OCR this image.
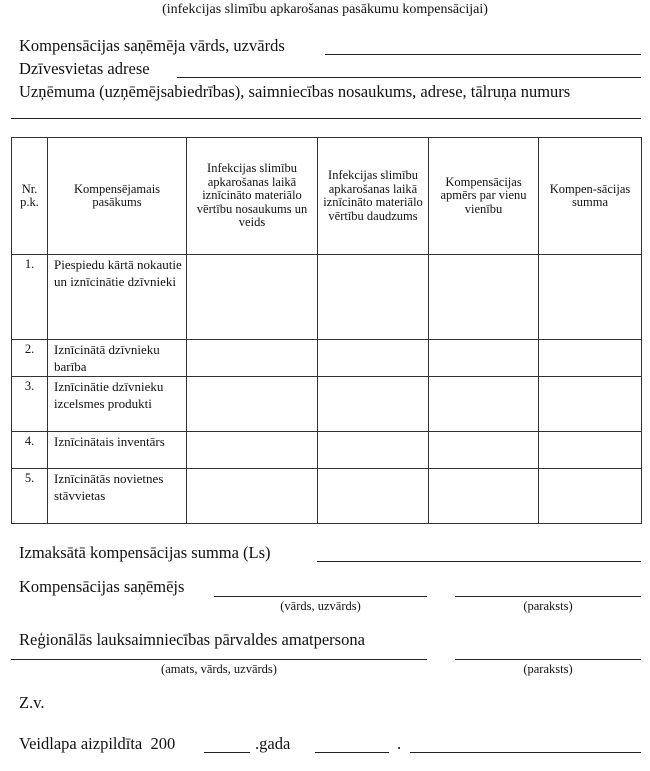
(infekcijas slimību apkarošanas pasākumu kompensācijai)
Kompensācijas saņēmēja vārds, uzvārds
Dzīvesvietas adrese
Uzņēmuma (uzņēmējsabiedrības), saimniecības nosaukums, adrese, tālruņa numurs
Nr. p.k.	Kompensējamais pasākums	Infekcijas slimību apkarošanas laikā iznīcināto materiālo vērtību nosaukums un veids	Infekcijas slimību apkarošanas laikā iznīcināto materiālo vērtību daudzums	Kompensācijas apmērs par vienu vienību	Kompen-sācijas summa
1.	Piespiedu kārtā nokautie un iznīcinātie dzīvnieki				
2.	Iznīcinātā dzīvnieku barība				
3.	Iznīcinātie dzīvnieku izcelsmes produkti				
4.	Iznīcinātais inventārs				
5.	Iznīcinātās novietnes stāvvietas				
Izmaksātā kompensācijas summa (Ls)
Kompensācijas saņēmējs
(vārds, uzvārds)	(paraksts)
Reģionālās lauksaimniecības pārvaldes amatpersona
(amats, vārds, uzvārds)	(paraksts)
Z.v.
Veidlapa aizpildīta  200	.gada	.
